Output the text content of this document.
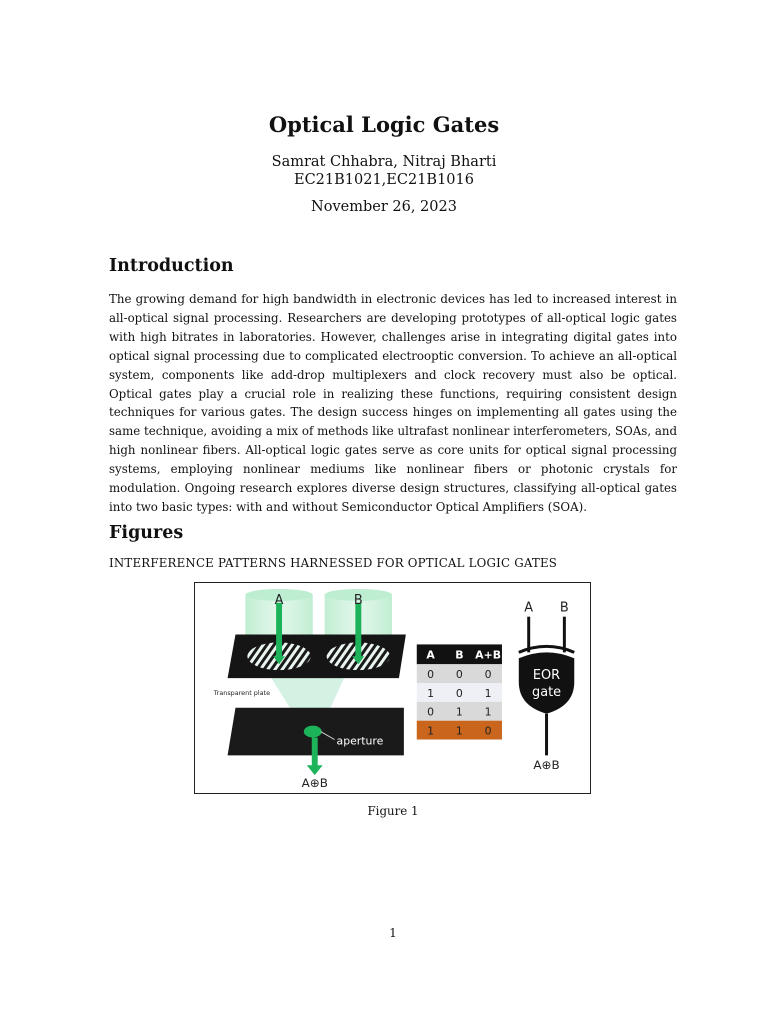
Optical Logic Gates
Samrat Chhabra, Nitraj Bharti
EC21B1021,EC21B1016
November 26, 2023
Introduction

The growing demand for high bandwidth in electronic devices has led to increased interest in all-optical signal processing. Researchers are developing prototypes of all-optical logic gates with high bitrates in laboratories. However, challenges arise in integrating digital gates into optical signal processing due to complicated electrooptic conversion. To achieve an all-optical system, components like add-drop multiplexers and clock recovery must also be optical. Optical gates play a crucial role in realizing these functions, requiring consistent design techniques for various gates. The design success hinges on implementing all gates using the same technique, avoiding a mix of methods like ultrafast nonlinear interferometers, SOAs, and high nonlinear fibers. All-optical logic gates serve as core units for optical signal processing systems, employing nonlinear mediums like nonlinear fibers or photonic crystals for modulation. Ongoing research explores diverse design structures, classifying all-optical gates into two basic types: with and without Semiconductor Optical Amplifiers (SOA).

Figures
INTERFERENCE PATTERNS HARNESSED FOR OPTICAL LOGIC GATES
A	B
Transparent plate
aperture
A⊕B
A B A+B
0 0 0
1 0 1
0 1 1
1 1 0
A B
EOR
gate
A⊕B
Figure 1
1
